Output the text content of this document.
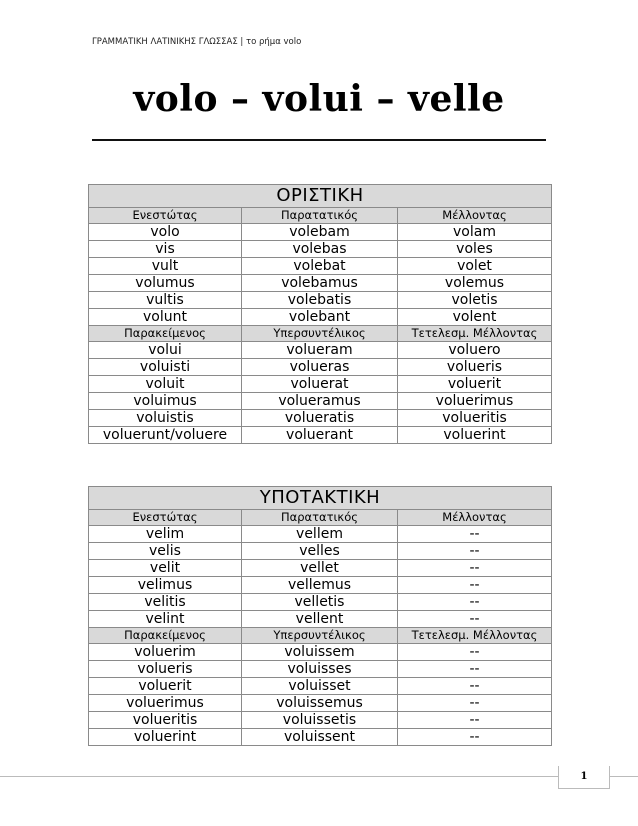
ΓΡΑΜΜΑΤΙΚΗ ΛΑΤΙΝΙΚΗΣ ΓΛΩΣΣΑΣ | το ρήμα volo
volo – volui – velle
ΟΡΙΣΤΙΚΗ		
Ενεστώτας	Παρατατικός	Μέλλοντας
volo	volebam	volam
vis	volebas	voles
vult	volebat	volet
volumus	volebamus	volemus
vultis	volebatis	voletis
volunt	volebant	volent
Παρακείμενος	Υπερσυντέλικος	Τετελεσμ. Μέλλοντας
volui	volueram	voluero
voluisti	volueras	volueris
voluit	voluerat	voluerit
voluimus	volueramus	voluerimus
voluistis	volueratis	volueritis
voluerunt/voluere	voluerant	voluerint
ΥΠΟΤΑΚΤΙΚΗ		
Ενεστώτας	Παρατατικός	Μέλλοντας
velim	vellem	--
velis	velles	--
velit	vellet	--
velimus	vellemus	--
velitis	velletis	--
velint	vellent	--
Παρακείμενος	Υπερσυντέλικος	Τετελεσμ. Μέλλοντας
voluerim	voluissem	--
volueris	voluisses	--
voluerit	voluisset	--
voluerimus	voluissemus	--
volueritis	voluissetis	--
voluerint	voluissent	--
1
